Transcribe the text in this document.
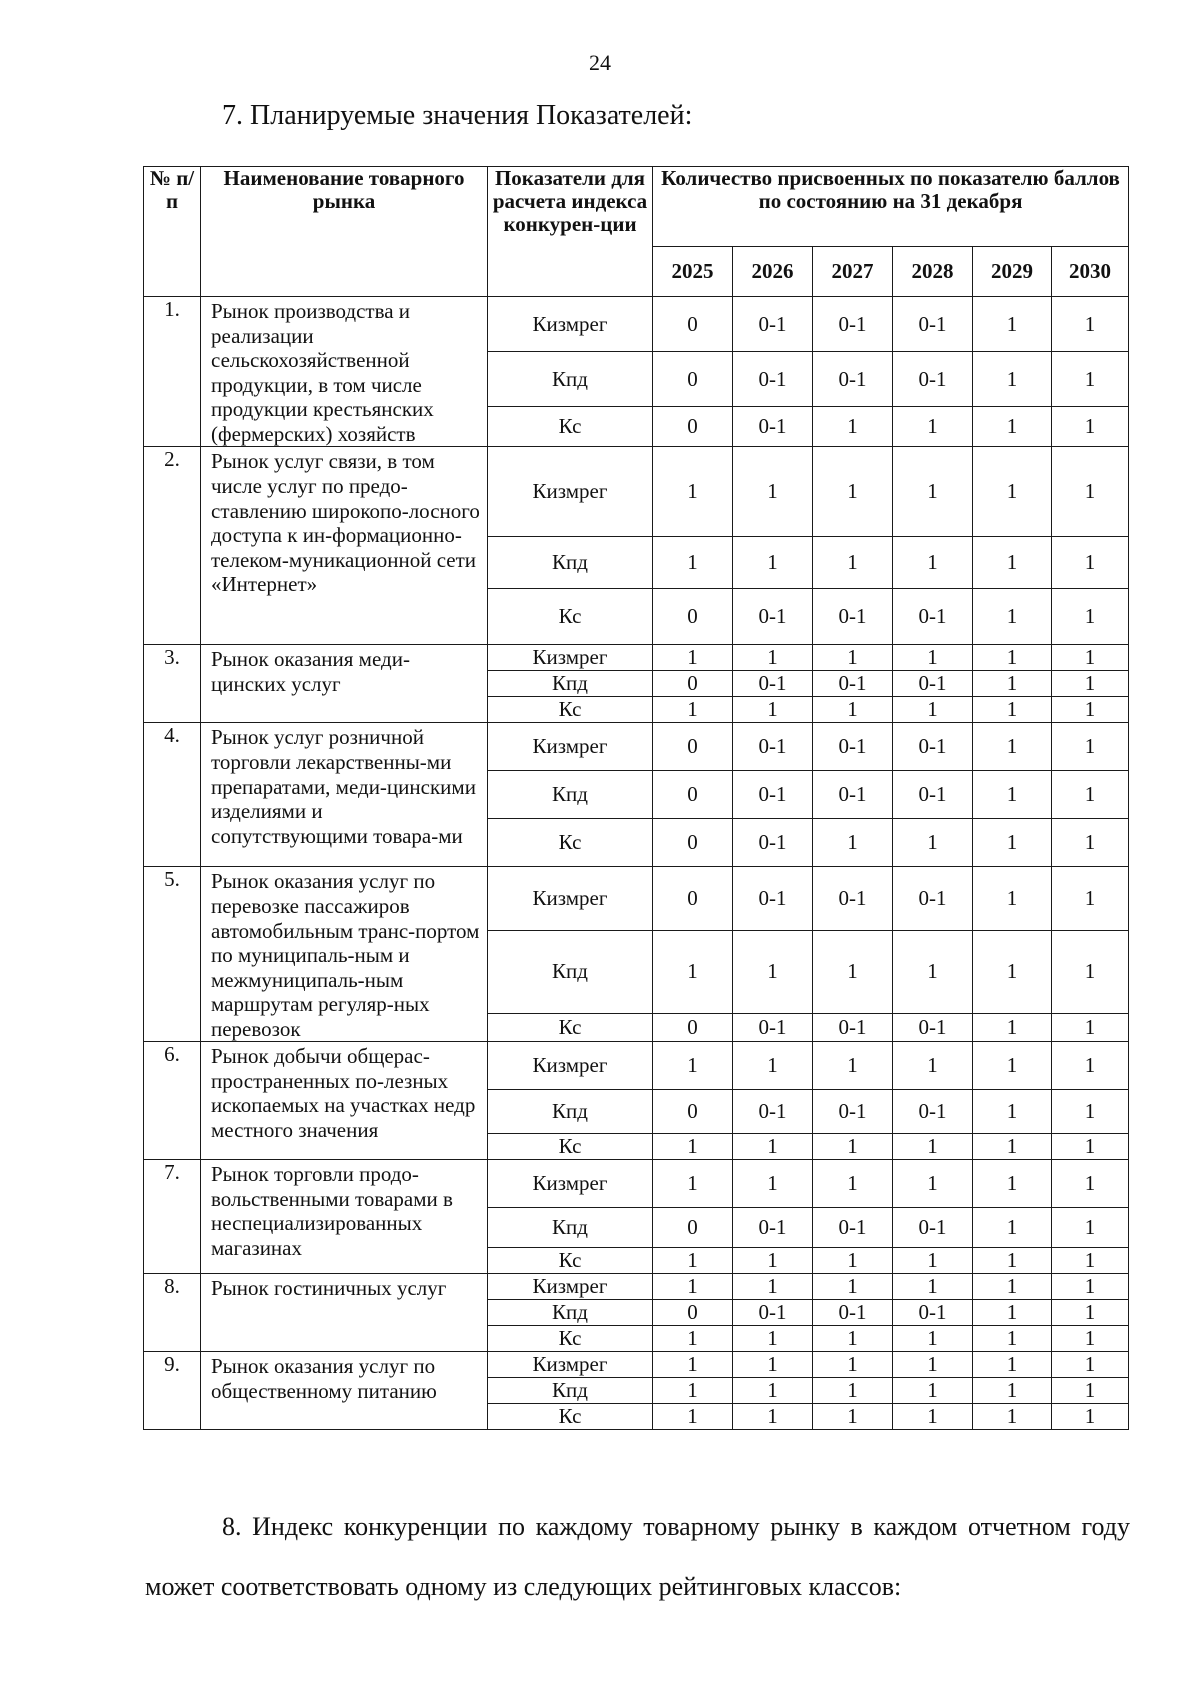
24
7. Планируемые значения Показателей:
№ п/ п	Наименование товарного рынка	Показатели для расчета индекса конкурен-ции	Количество присвоенных по показателю баллов по состоянию на 31 декабря					
			2025	2026	2027	2028	2029	2030
1.	Рынок производства и реализации сельскохозяйственной продукции, в том числе продукции крестьянских (фермерских) хозяйств	Кизмрег	0	0-1	0-1	0-1	1	1
		Кпд	0	0-1	0-1	0-1	1	1
		Кс	0	0-1	1	1	1	1
2.	Рынок услуг связи, в том числе услуг по предо-ставлению широкопо-лосного доступа к ин-формационно-телеком-муникационной сети «Интернет»	Кизмрег	1	1	1	1	1	1
		Кпд	1	1	1	1	1	1
		Кс	0	0-1	0-1	0-1	1	1
3.	Рынок оказания меди-цинских услуг	Кизмрег	1	1	1	1	1	1
		Кпд	0	0-1	0-1	0-1	1	1
		Кс	1	1	1	1	1	1
4.	Рынок услуг розничной торговли лекарственны-ми препаратами, меди-цинскими изделиями и сопутствующими товара-ми	Кизмрег	0	0-1	0-1	0-1	1	1
		Кпд	0	0-1	0-1	0-1	1	1
		Кс	0	0-1	1	1	1	1
5.	Рынок оказания услуг по перевозке пассажиров автомобильным транс-портом по муниципаль-ным и межмуниципаль-ным маршрутам регуляр-ных перевозок	Кизмрег	0	0-1	0-1	0-1	1	1
		Кпд	1	1	1	1	1	1
		Кс	0	0-1	0-1	0-1	1	1
6.	Рынок добычи общерас-пространенных по-лезных ископаемых на участках недр местного значения	Кизмрег	1	1	1	1	1	1
		Кпд	0	0-1	0-1	0-1	1	1
		Кс	1	1	1	1	1	1
7.	Рынок торговли продо-вольственными товарами в неспециализированных магазинах	Кизмрег	1	1	1	1	1	1
		Кпд	0	0-1	0-1	0-1	1	1
		Кс	1	1	1	1	1	1
8.	Рынок гостиничных услуг	Кизмрег	1	1	1	1	1	1
		Кпд	0	0-1	0-1	0-1	1	1
		Кс	1	1	1	1	1	1
9.	Рынок оказания услуг по общественному питанию	Кизмрег	1	1	1	1	1	1
		Кпд	1	1	1	1	1	1
		Кс	1	1	1	1	1	1
8. Индекс конкуренции по каждому товарному рынку в каждом отчетном году может соответствовать одному из следующих рейтинговых классов:
